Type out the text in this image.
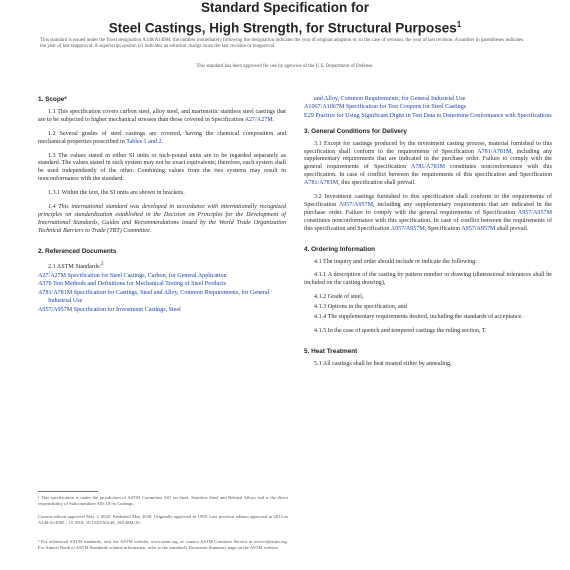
Standard Specification for
Steel Castings, High Strength, for Structural Purposes$^1$
This standard is issued under the fixed designation A148/A148M; the number immediately following the designation indicates the year of original adoption or, in the case of revision, the year of last revision. A number in parentheses indicates the year of last reapproval. A superscript epsilon (ε) indicates an editorial change since the last revision or reapproval.
This standard has been approved for use by agencies of the U.S. Department of Defense.
1. Scope*

1.1 This specification covers carbon steel, alloy steel, and martensitic stainless steel castings that are to be subjected to higher mechanical stresses than those covered in Specification A27/A27M.

1.2 Several grades of steel castings are covered, having the chemical composition and mechanical properties prescribed in Tables 1 and 2.

1.3 The values stated in either SI units or inch-pound units are to be regarded separately as standard. The values stated in each system may not be exact equivalents; therefore, each system shall be used independently of the other. Combining values from the two systems may result in nonconformance with the standard.

1.3.1 Within the text, the SI units are shown in brackets.

1.4 This international standard was developed in accordance with internationally recognized principles on standardization established in the Decision on Principles for the Development of International Standards, Guides and Recommendations issued by the World Trade Organization Technical Barriers to Trade (TBT) Committee.

2. Referenced Documents

2.1 ASTM Standards:$^2$

A27/A27M Specification for Steel Castings, Carbon, for General Application
A370 Test Methods and Definitions for Mechanical Testing of Steel Products
A781/A781M Specification for Castings, Steel and Alloy, Common Requirements, for General Industrial Use
A957/A957M Specification for Investment Castings, Steel
¹ This specification is under the jurisdiction of ASTM Committee A01 on Steel, Stainless Steel and Related Alloys and is the direct responsibility of Subcommittee A01.18 on Castings.
Current edition approved May 1, 2020. Published May 2020. Originally approved in 1958. Last previous edition approved in 2014 as A148/A148M – 15. DOI: 10.1520/A0148_A0148M-20.
² For referenced ASTM standards, visit the ASTM website, www.astm.org, or contact ASTM Customer Service at service@astm.org. For Annual Book of ASTM Standards volume information, refer to the standard's Document Summary page on the ASTM website.
and Alloy, Common Requirements, for General Industrial Use
A1067/A1067M Specification for Test Coupons for Steel Castings
E29 Practice for Using Significant Digits in Test Data to Determine Conformance with Specifications
3. General Conditions for Delivery

3.1 Except for castings produced by the investment casting process, material furnished to this specification shall conform to the requirements of Specification A781/A781M, including any supplementary requirements that are indicated in the purchase order. Failure to comply with the general requirements of Specification A781/A781M constitutes nonconformance with this specification. In case of conflict between the requirements of this specification and Specification A781/A781M, this specification shall prevail.

3.2 Investment castings furnished to this specification shall conform to the requirements of Specification A957/A957M, including any supplementary requirements that are indicated in the purchase order. Failure to comply with the general requirements of Specification A957/A957M constitutes nonconformance with this specification. In case of conflict between the requirements of this specification and Specification A957/A957M, Specification A957/A957M shall prevail.

4. Ordering Information

4.1 The inquiry and order should include or indicate the following:

4.1.1 A description of the casting by pattern number or drawing (dimensional tolerances shall be included on the casting drawing),

4.1.2 Grade of steel,

4.1.3 Options in the specification, and

4.1.4 The supplementary requirements desired, including the standards of acceptance.

4.1.5 In the case of quench and tempered castings the ruling section, T.

5. Heat Treatment

5.1 All castings shall be heat treated either by annealing,
